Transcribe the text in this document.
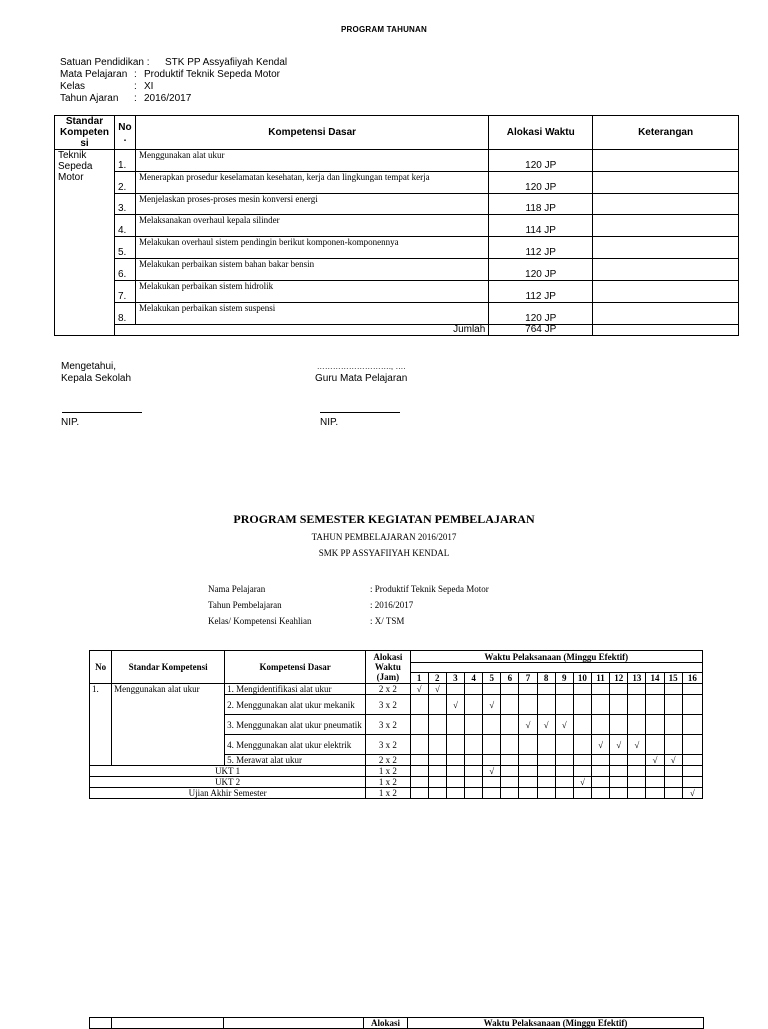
PROGRAM TAHUNAN
Satuan Pendidikan : STK PP Assyafiiyah Kendal
Mata Pelajaran : Produktif Teknik Sepeda Motor
Kelas	: XI
Tahun Ajaran : 2016/2017
Standar Kompeten si	No .	Kompetensi Dasar	Alokasi Waktu	Keterangan
Teknik Sepeda Motor	1.	Menggunakan alat ukur	120 JP	
	2.	Menerapkan prosedur keselamatan kesehatan, kerja dan lingkungan tempat kerja	120 JP	
	3.	Menjelaskan proses-proses mesin konversi energi	118 JP	
	4.	Melaksanakan overhaul kepala silinder	114 JP	
	5.	Melakukan overhaul sistem pendingin berikut komponen-komponennya	112 JP	
	6.	Melakukan perbaikan sistem bahan bakar bensin	120 JP	
	7.	Melakukan perbaikan sistem hidrolik	112 JP	
	8.	Melakukan perbaikan sistem suspensi	120 JP	
	Jumlah		764 JP	
Mengetahui,
Kepala Sekolah
………………………., ….
Guru Mata Pelajaran
NIP.	NIP.
PROGRAM SEMESTER KEGIATAN PEMBELAJARAN
TAHUN PEMBELAJARAN 2016/2017
SMK PP ASSYAFIIYAH KENDAL
Nama Pelajaran	: Produktif Teknik Sepeda Motor
Tahun Pembelajaran	: 2016/2017
Kelas/ Kompetensi Keahlian	: X/ TSM
No	Standar Kompetensi	Kompetensi Dasar	Alokasi Waktu (Jam)	Waktu Pelaksanaan (Minggu Efektif)															

				1	2	3	4	5	6	7	8	9	10	11	12	13	14	15	16
1.	Menggunakan alat ukur	1. Mengidentifikasi alat ukur	2 x 2	√	√														
		2. Menggunakan alat ukur mekanik	3 x 2			√		√											
		3. Menggunakan alat ukur pneumatik	3 x 2							√	√	√							
		4. Menggunakan alat ukur elektrik	3 x 2											√	√	√			
		5. Merawat alat ukur	2 x 2														√	√	
UKT 1			1 x 2					√											
UKT 2			1 x 2										√						
Ujian Akhir Semester			1 x 2																√
			Alokasi	Waktu Pelaksanaan (Minggu Efektif)
